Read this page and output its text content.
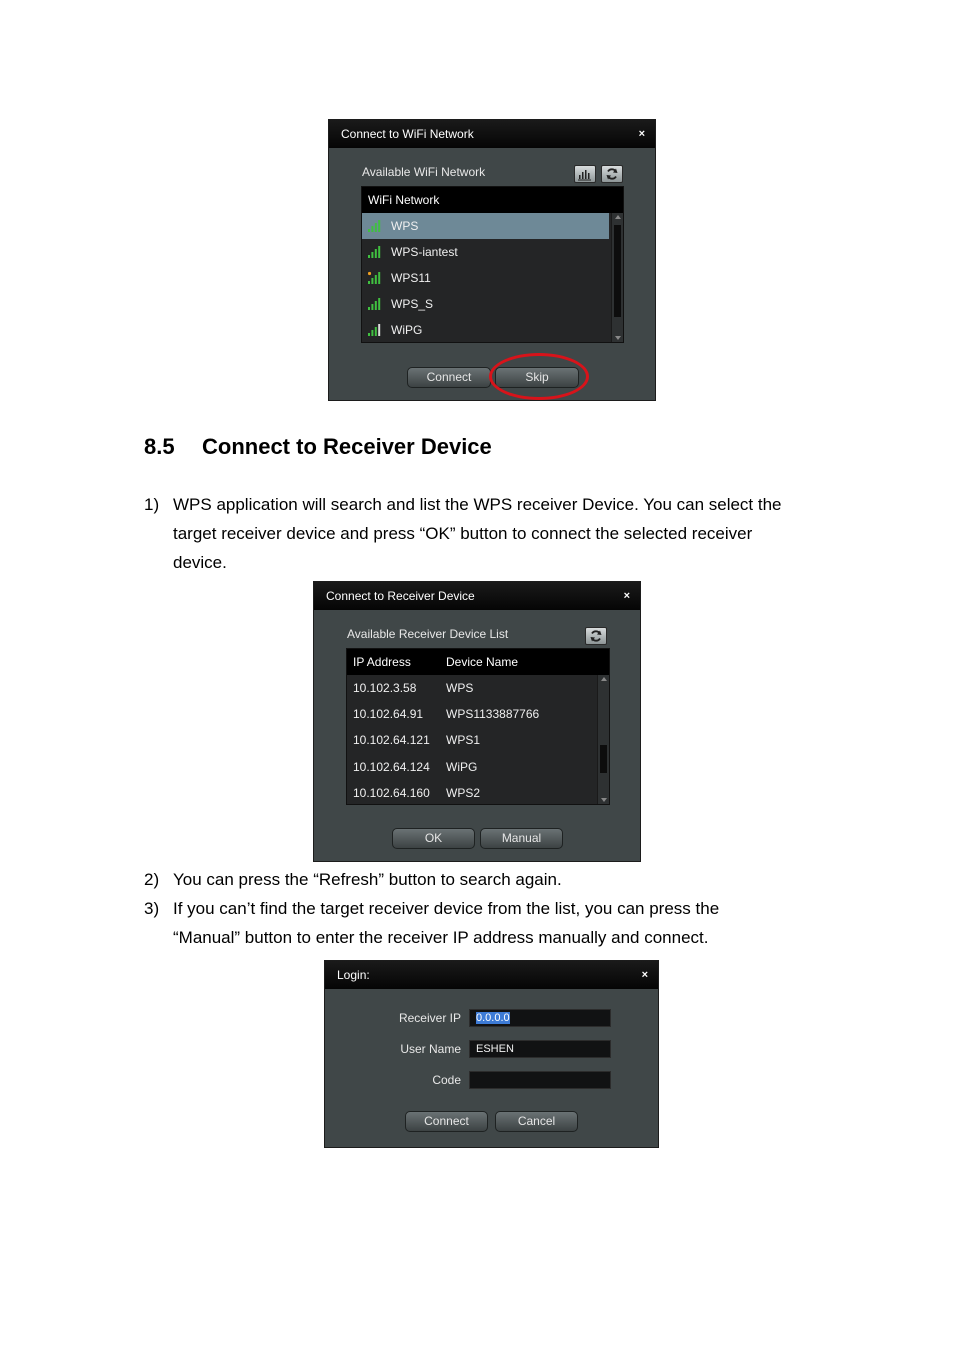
Connect to WiFi Network	×
Available WiFi Network
WiFi Network
WPS
WPS-iantest
WPS11
WPS_S
WiPG
Connect	Skip
8.5 Connect to Receiver Device
1) WPS application will search and list the WPS receiver Device. You can select the
target receiver device and press “OK” button to connect the selected receiver
device.
Connect to Receiver Device	×
Available Receiver Device List
IP Address	Device Name
10.102.3.58 WPS
10.102.64.91 WPS1133887766
10.102.64.121 WPS1
10.102.64.124 WiPG
10.102.64.160 WPS2
OK	Manual
2) You can press the “Refresh” button to search again.
3) If you can’t find the target receiver device from the list, you can press the
“Manual” button to enter the receiver IP address manually and connect.
Login:	×
Receiver IP	0.0.0.0
User Name	ESHEN
Code
Connect	Cancel
